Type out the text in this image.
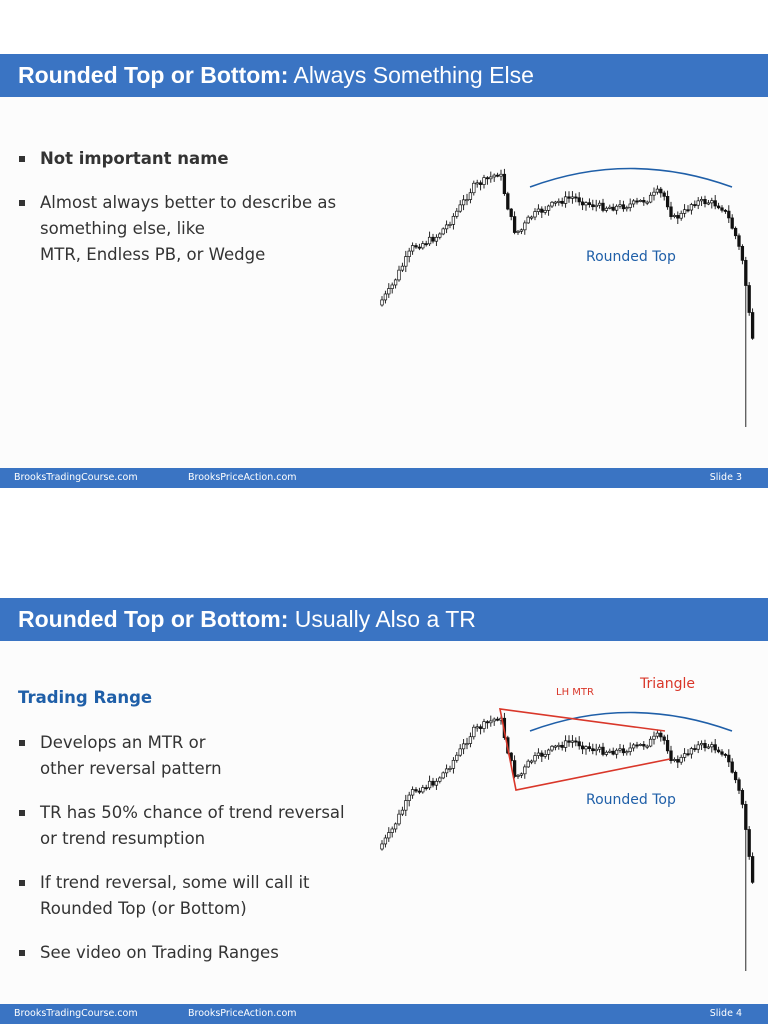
Rounded Top or Bottom: Always Something Else
Not important name
Almost always better to describe as
something else, like
MTR, Endless PB, or Wedge	Rounded Top
BrooksTradingCourse.com	BrooksPriceAction.com	Slide 3
Rounded Top or Bottom: Usually Also a TR
Trading Range
Develops an MTR or
other reversal pattern
TR has 50% chance of trend reversal
or trend resumption
If trend reversal, some will call it
Rounded Top (or Bottom)
See video on Trading Ranges
Triangle
LH MTR
Rounded Top
BrooksTradingCourse.com	BrooksPriceAction.com	Slide 4
